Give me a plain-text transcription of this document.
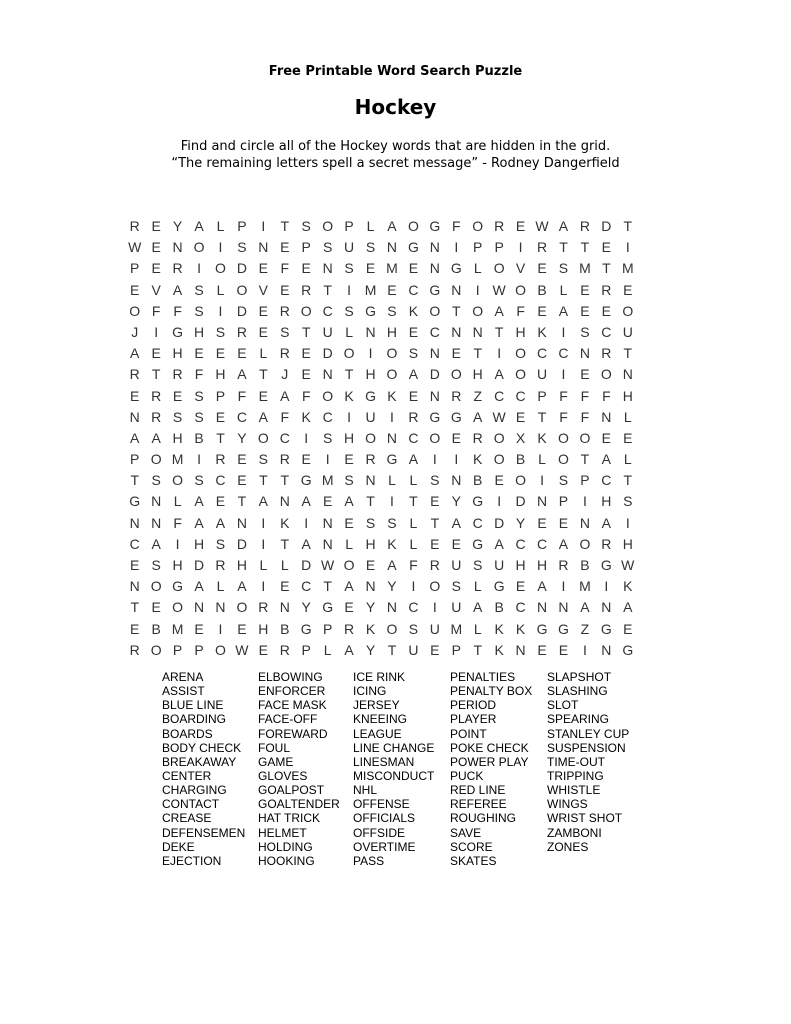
Free Printable Word Search Puzzle
Hockey
Find and circle all of the Hockey words that are hidden in the grid.
“The remaining letters spell a secret message” - Rodney Dangerfield
R E Y A L P I T S O P L A O G F O R E W A R D T
W E N O I S N E P S U S N G N I P P I R T T E I
P E R I O D E F E N S E M E N G L O V E S M T M
E V A S L O V E R T I M E C G N I W O B L E R E
O F F S I D E R O C S G S K O T O A F E A E E O
J I G H S R E S T U L N H E C N N T H K I S C U
A E H E E E L R E D O I O S N E T I O C C N R T
R T R F H A T J E N T H O A D O H A O U I E O N
E R E S P F E A F O K G K E N R Z C C P F F F H
N R S S E C A F K C I U I R G G A W E T F F N L
A A H B T Y O C I S H O N C O E R O X K O O E E
P O M I R E S R E I E R G A I I K O B L O T A L
T S O S C E T T G M S N L L S N B E O I S P C T
G N L A E T A N A E A T I T E Y G I D N P I H S
N N F A A N I K I N E S S L T A C D Y E E N A I
C A I H S D I T A N L H K L E E G A C C A O R H
E S H D R H L L D W O E A F R U S U H H R B G W
N O G A L A I E C T A N Y I O S L G E A I M I K
T E O N N O R N Y G E Y N C I U A B C N N A N A
E B M E I E H B G P R K O S U M L K K G G Z G E
R O P P O W E R P L A Y T U E P T K N E E I N G
ARENA
ASSIST
BLUE LINE
BOARDING
BOARDS
BODY CHECK
BREAKAWAY
CENTER
CHARGING
CONTACT
CREASE
DEFENSEMEN
DEKE
EJECTION
ELBOWING
ENFORCER
FACE MASK
FACE-OFF
FOREWARD
FOUL
GAME
GLOVES
GOALPOST
GOALTENDER
HAT TRICK
HELMET
HOLDING
HOOKING
ICE RINK
ICING
JERSEY
KNEEING
LEAGUE
LINE CHANGE
LINESMAN
MISCONDUCT
NHL
OFFENSE
OFFICIALS
OFFSIDE
OVERTIME
PASS
PENALTIES
PENALTY BOX
PERIOD
PLAYER
POINT
POKE CHECK
POWER PLAY
PUCK
RED LINE
REFEREE
ROUGHING
SAVE
SCORE
SKATES
SLAPSHOT
SLASHING
SLOT
SPEARING
STANLEY CUP
SUSPENSION
TIME-OUT
TRIPPING
WHISTLE
WINGS
WRIST SHOT
ZAMBONI
ZONES
